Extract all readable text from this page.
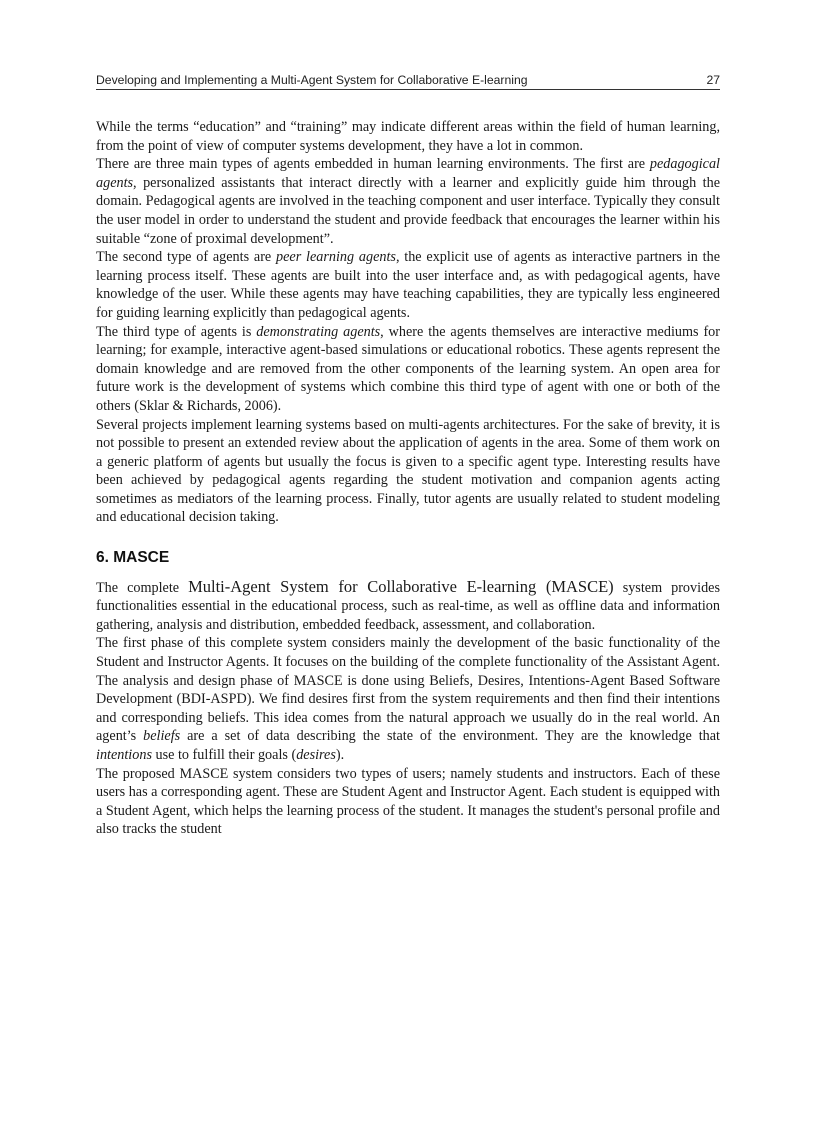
Developing and Implementing a Multi-Agent System for Collaborative E-learning	27

While the terms “education” and “training” may indicate different areas within the field of human learning, from the point of view of computer systems development, they have a lot in common.

There are three main types of agents embedded in human learning environments. The first are pedagogical agents, personalized assistants that interact directly with a learner and explicitly guide him through the domain. Pedagogical agents are involved in the teaching component and user interface. Typically they consult the user model in order to understand the student and provide feedback that encourages the learner within his suitable “zone of proximal development”.

The second type of agents are peer learning agents, the explicit use of agents as interactive partners in the learning process itself. These agents are built into the user interface and, as with pedagogical agents, have knowledge of the user. While these agents may have teaching capabilities, they are typically less engineered for guiding learning explicitly than pedagogical agents.

The third type of agents is demonstrating agents, where the agents themselves are interactive mediums for learning; for example, interactive agent-based simulations or educational robotics. These agents represent the domain knowledge and are removed from the other components of the learning system. An open area for future work is the development of systems which combine this third type of agent with one or both of the others (Sklar & Richards, 2006).

Several projects implement learning systems based on multi-agents architectures. For the sake of brevity, it is not possible to present an extended review about the application of agents in the area. Some of them work on a generic platform of agents but usually the focus is given to a specific agent type. Interesting results have been achieved by pedagogical agents regarding the student motivation and companion agents acting sometimes as mediators of the learning process. Finally, tutor agents are usually related to student modeling and educational decision taking.

6. MASCE

The complete Multi-Agent System for Collaborative E-learning (MASCE) system provides functionalities essential in the educational process, such as real-time, as well as offline data and information gathering, analysis and distribution, embedded feedback, assessment, and collaboration.

The first phase of this complete system considers mainly the development of the basic functionality of the Student and Instructor Agents. It focuses on the building of the complete functionality of the Assistant Agent. The analysis and design phase of MASCE is done using Beliefs, Desires, Intentions-Agent Based Software Development (BDI-ASPD). We find desires first from the system requirements and then find their intentions and corresponding beliefs. This idea comes from the natural approach we usually do in the real world. An agent’s beliefs are a set of data describing the state of the environment. They are the knowledge that intentions use to fulfill their goals (desires).

The proposed MASCE system considers two types of users; namely students and instructors. Each of these users has a corresponding agent. These are Student Agent and Instructor Agent. Each student is equipped with a Student Agent, which helps the learning process of the student. It manages the student's personal profile and also tracks the student
